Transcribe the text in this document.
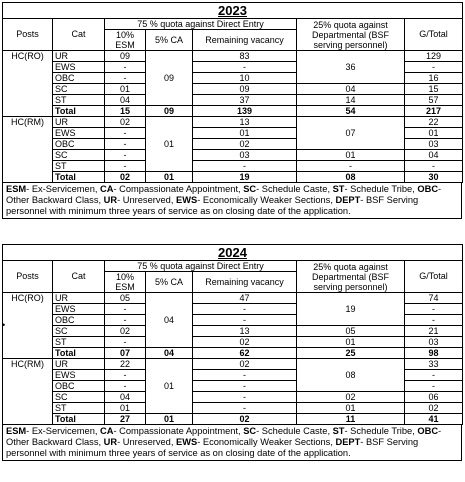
2023						
Posts	Cat	75 % quota against Direct Entry			25% quota against Departmental (BSF serving personnel)	G/Total
		10% ESM	5% CA	Remaining vacancy		
HC(RO)	UR	09	09	83	36	129
	EWS	-		-		-
	OBC	-		10		16
	SC	01		09	04	15
	ST	04		37	14	57
	Total	15	09	139	54	217
HC(RM)	UR	02	01	13	07	22
	EWS	-		01		01
	OBC	-		02		03
	SC	-		03	01	04
	ST	-		-	-	-
	Total	02	01	19	08	30
ESM- Ex-Servicemen, CA- Compassionate Appointment, SC- Schedule Caste, ST- Schedule Tribe, OBC- Other Backward Class, UR- Unreserved, EWS- Economically Weaker Sections, DEPT- BSF Serving personnel with minimum three years of service as on closing date of the application.
2024						
Posts	Cat	75 % quota against Direct Entry			25% quota against Departmental (BSF serving personnel)	G/Total
		10% ESM	5% CA	Remaining vacancy		
HC(RO)	UR	05	04	47	19	74
	EWS	-		-		-
	OBC	-		-		-
	SC	02		13	05	21
	ST	-		02	01	03
	Total	07	04	62	25	98
HC(RM)	UR	22	01	02	08	33
	EWS	-		-		-
	OBC	-		-		-
	SC	04		-	02	06
	ST	01		-	01	02
	Total	27	01	02	11	41
ESM- Ex-Servicemen, CA- Compassionate Appointment, SC- Schedule Caste, ST- Schedule Tribe, OBC- Other Backward Class, UR- Unreserved, EWS- Economically Weaker Sections, DEPT- BSF Serving personnel with minimum three years of service as on closing date of the application.
•
